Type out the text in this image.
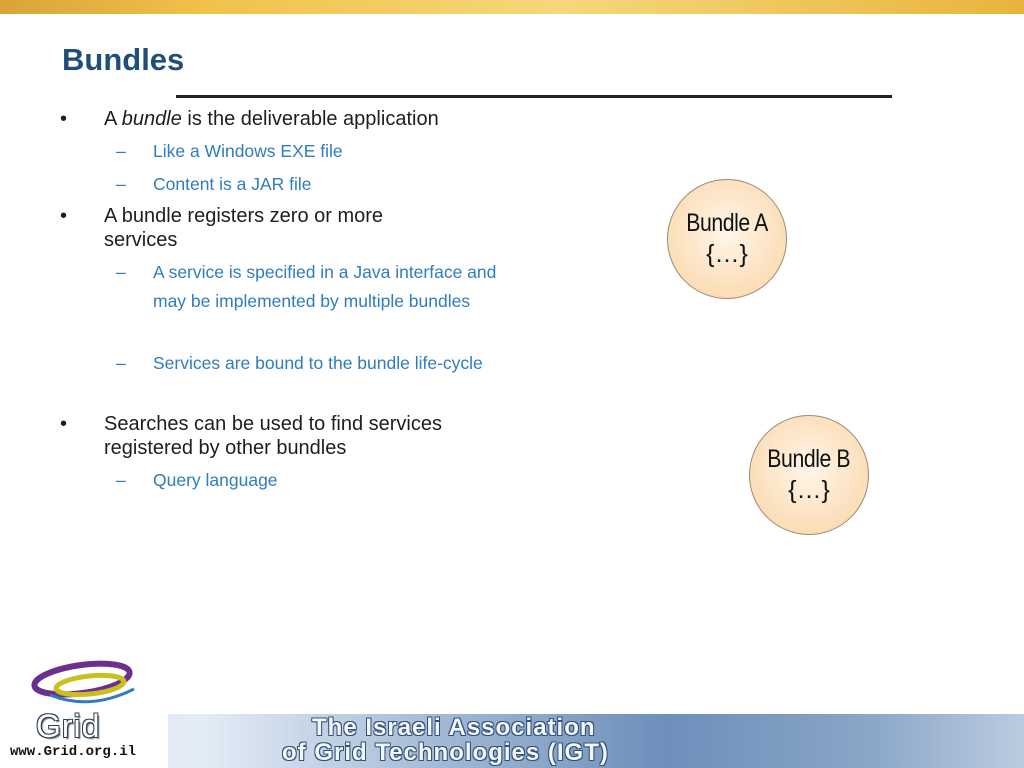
Bundles
• A bundle is the deliverable application
– Like a Windows EXE file
– Content is a JAR file
• A bundle registers zero or more services
– A service is specified in a Java interface and may be implemented by multiple bundles
– Services are bound to the bundle life-cycle
• Searches can be used to find services registered by other bundles
– Query language
Bundle A
{…}
Bundle B
{…}
The Israeli Association
of Grid Technologies (IGT)
Grid
www.Grid.org.il
